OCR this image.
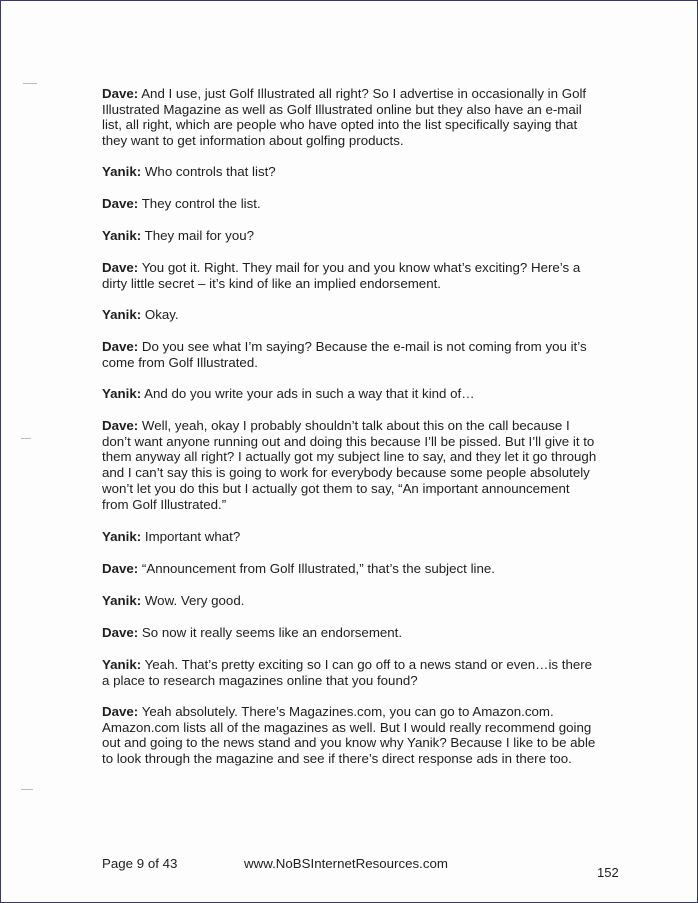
Dave: And I use, just Golf Illustrated all right? So I advertise in occasionally in Golf Illustrated Magazine as well as Golf Illustrated online but they also have an e-mail list, all right, which are people who have opted into the list specifically saying that they want to get information about golfing products.

Yanik: Who controls that list?

Dave: They control the list.

Yanik: They mail for you?

Dave: You got it. Right. They mail for you and you know what’s exciting? Here’s a dirty little secret – it’s kind of like an implied endorsement.

Yanik: Okay.

Dave: Do you see what I’m saying? Because the e-mail is not coming from you it’s come from Golf Illustrated.

Yanik: And do you write your ads in such a way that it kind of…

Dave: Well, yeah, okay I probably shouldn’t talk about this on the call because I don’t want anyone running out and doing this because I’ll be pissed. But I’ll give it to them anyway all right? I actually got my subject line to say, and they let it go through and I can’t say this is going to work for everybody because some people absolutely won’t let you do this but I actually got them to say, “An important announcement from Golf Illustrated.”

Yanik: Important what?

Dave: “Announcement from Golf Illustrated,” that’s the subject line.

Yanik: Wow. Very good.

Dave: So now it really seems like an endorsement.

Yanik: Yeah. That’s pretty exciting so I can go off to a news stand or even…is there a place to research magazines online that you found?

Dave: Yeah absolutely. There’s Magazines.com, you can go to Amazon.com. Amazon.com lists all of the magazines as well. But I would really recommend going out and going to the news stand and you know why Yanik? Because I like to be able to look through the magazine and see if there’s direct response ads in there too.

Page 9 of 43	www.NoBSInternetResources.com
152
